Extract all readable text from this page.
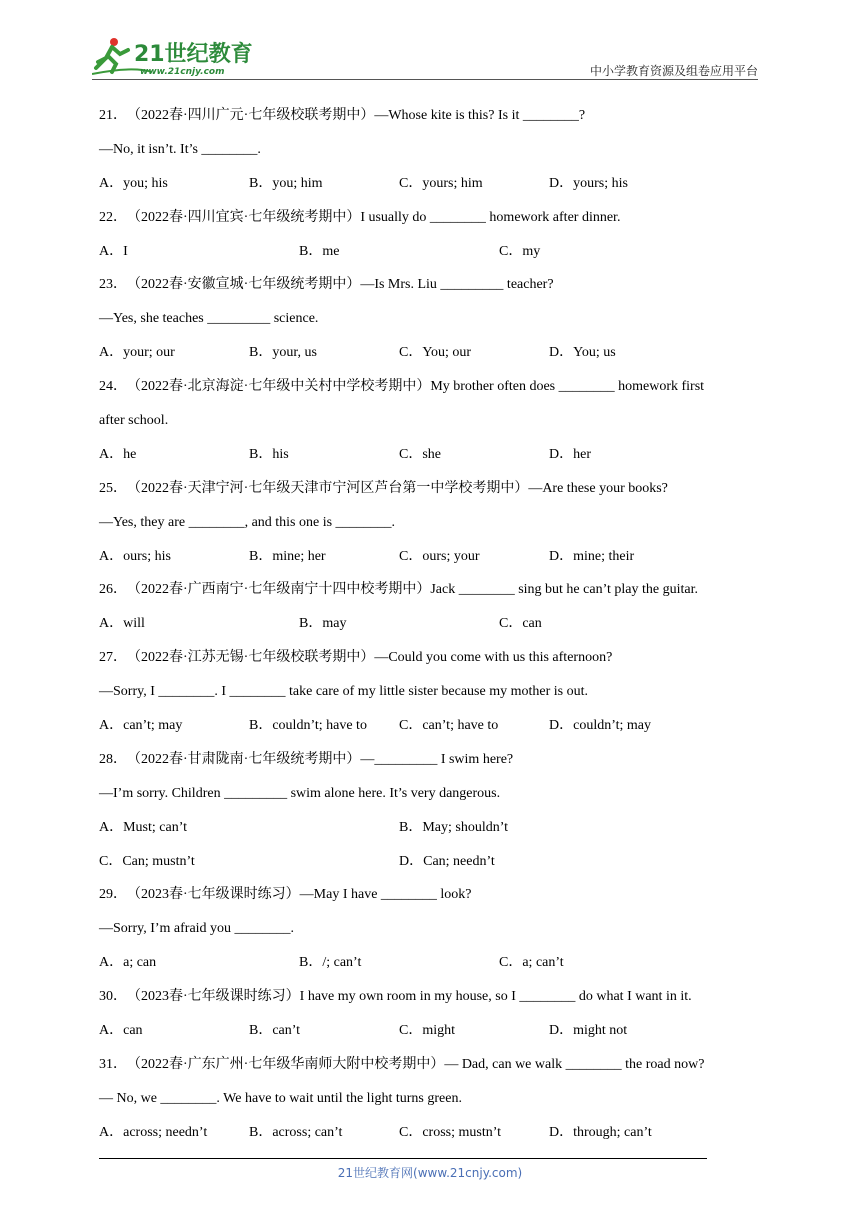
21世纪教育
www.21cnjy.com	中小学教育资源及组卷应用平台
21．（2022春·四川广元·七年级校联考期中）—Whose kite is this? Is it ________?
—No, it isn’t. It’s ________.
A．you; his	B．you; him	C．yours; him	D．yours; his
22．（2022春·四川宜宾·七年级统考期中）I usually do ________ homework after dinner.
A．I	B．me	C．my
23．（2022春·安徽宣城·七年级统考期中）—Is Mrs. Liu _________ teacher?
—Yes, she teaches _________ science.
A．your; our	B．your, us	C．You; our	D．You; us
24．（2022春·北京海淀·七年级中关村中学校考期中）My brother often does ________ homework first
after school.
A．he	B．his	C．she	D．her
25．（2022春·天津宁河·七年级天津市宁河区芦台第一中学校考期中）—Are these your books?
—Yes, they are ________, and this one is ________.
A．ours; his	B．mine; her	C．ours; your	D．mine; their
26．（2022春·广西南宁·七年级南宁十四中校考期中）Jack ________ sing but he can’t play the guitar.
A．will	B．may	C．can
27．（2022春·江苏无锡·七年级校联考期中）—Could you come with us this afternoon?
—Sorry, I ________. I ________ take care of my little sister because my mother is out.
A．can’t; may	B．couldn’t; have to C．can’t; have to	D．couldn’t; may
28．（2022春·甘肃陇南·七年级统考期中）—_________ I swim here?
—I’m sorry. Children _________ swim alone here. It’s very dangerous.
A．Must; can’t	B．May; shouldn’t
C．Can; mustn’t	D．Can; needn’t
29．（2023春·七年级课时练习）—May I have ________ look?
—Sorry, I’m afraid you ________.
A．a; can	B．/; can’t	C．a; can’t
30．（2023春·七年级课时练习）I have my own room in my house, so I ________ do what I want in it.
A．can	B．can’t	C．might	D．might not
31．（2022春·广东广州·七年级华南师大附中校考期中）— Dad, can we walk ________ the road now?
— No, we ________. We have to wait until the light turns green.
A．across; needn’t	B．across; can’t	C．cross; mustn’t	D．through; can’t
21世纪教育网(www.21cnjy.com)
